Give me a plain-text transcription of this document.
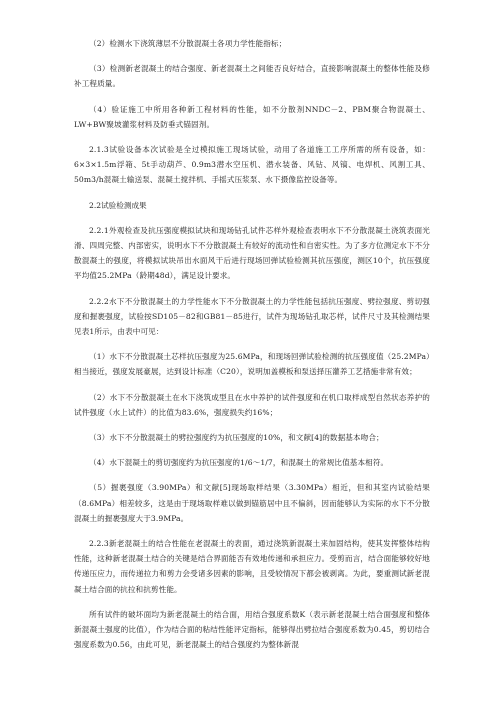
（2）检测水下浇筑薄层不分散混凝土各项力学性能指标；

（3）检测新老混凝土的结合强度、新老混凝土之间能否良好结合，直接影响混凝土的整体性能及修补工程质量。

（4）验证施工中所用各种新工程材料的性能，如不分散剂NNDC－2、PBM聚合物混凝土、LW+BW聚坡灌浆材料及防垂式锚固剂。

2.1.3试验设备本次试验是全过模拟施工现场试验，动用了各道施工工序所需的所有设备，如：6×3×1.5m浮箱、5t手动葫芦、0.9m3潜水空压机、潜水装备、风钻、风镐、电焊机、风割工具、50m3/h混凝土输送泵、混凝土搅拌机、手摇式压浆泵、水下摄像监控设备等。

2.2试验检测成果

2.2.1外观检查及抗压强度模拟试块和现场钻孔试件芯样外观检查表明水下不分散混凝土浇筑表面光滑、四周完整、内部密实，说明水下不分散混凝土有较好的流动性和自密实性。为了多方位测定水下不分散混凝土的强度，将模拟试块吊出水面风干后进行现场回弹试验检测其抗压强度，测区10个，抗压强度平均值25.2MPa（龄期48d），满足设计要求。

2.2.2水下不分散混凝土的力学性能水下不分散混凝土的力学性能包括抗压强度、劈拉强度、剪切强度和握裹强度，试验按SD105－82和GB81－85进行，试件为现场钻孔取芯样，试件尺寸及其检测结果见表1所示，由表中可见：

（1）水下不分散混凝土芯样抗压强度为25.6MPa，和现场回弹试验检测的抗压强度值（25.2MPa）相当接近，强度发展豪展，达到设计标准（C20），说明加盖模板和泵送择压灌养工艺措施非常有效；

（2）水下不分散混凝土在水下浇筑成型且在水中养护的试件强度和在机口取样成型自然状态养护的试件强度（水上试件）的比值为83.6%，强度损失约16%；

（3）水下不分散混凝土的劈拉强度约为抗压强度的10%，和文献[4]的数据基本吻合；

（4）水下混凝土的剪切强度约为抗压强度的1/6～1/7，和混凝土的常规比值基本相符。

（5）握裹强度（3.90MPa）和文献[5]现场取样结果（3.30MPa）相近，但和其室内试验结果（8.6MPa）相差较多，这是由于现场取样难以做到锚筋居中且不偏斜，因而能够认为实际的水下不分散混凝土的握裹强度大于3.9MPa。

2.2.3新老混凝土的结合性能在老混凝土的表面，通过浇筑新混凝土来加固结构，使其发挥整体结构性能，这种新老混凝土结合的关键是结合界面能否有效地传递和承担应力。受剪而言，结合面能够较好地传递压应力，而传递拉力和剪力会受诸多因素的影响，且受较情况下都会被剥离。为此，要重测试新老混凝土结合面的抗拉和抗剪性能。

所有试件的破坏面均为新老混凝土的结合面，用结合强度系数K（表示新老混凝土结合面强度和整体新混凝土强度的比值），作为结合面的粘结性能评定指标，能够得出劈拉结合强度系数为0.45，剪切结合强度系数为0.56，由此可见，新老混凝土的结合强度约为整体新混
